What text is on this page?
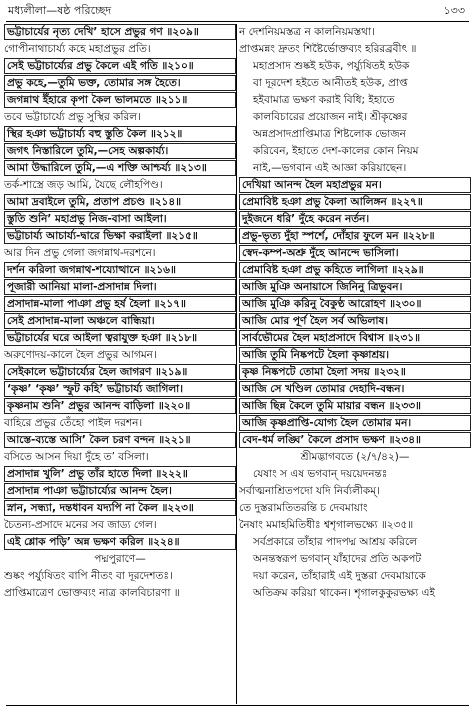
মধ্যলীলা—ষষ্ঠ পরিচ্ছেদ	১৩৩
ভট্টাচার্যের নৃত্য দেখি’ হাসে প্রভুর গণ ॥২০৯॥
গোপীনাথাচার্য্য কহে মহাপ্রভুর প্রতি।
সেই ভট্টাচার্য্যের প্রভু কৈলে এই গতি ॥২১০॥
প্রভু কহে,—তুমি ভক্ত, তোমার সঙ্গ হৈতে।
জগন্নাথ ইঁহারে কৃপা কৈল ভালমতে ॥২১১॥
তবে ভট্টাচার্য্যে প্রভু সুস্থির করিল।
স্থির হঞা ভট্টাচার্য্য বহু স্তুতি কৈল ॥২১২॥
জগৎ নিস্তারিলে তুমি,—সেহ অল্পকার্য্য।
আমা উদ্ধারিলে তুমি,—এ শক্তি আশ্চর্য্য ॥২১৩॥
তর্ক-শাস্ত্রে জড় আমি, যৈছে লৌহপিণ্ড।
আমা দ্রবাইলে তুমি, প্রতাপ প্রচণ্ড ॥২১৪॥
স্তুতি শুনি’ মহাপ্রভু নিজ-বাসা আইলা।
ভট্টাচার্য্য আচার্য্য-দ্বারে ভিক্ষা করাইলা ॥২১৫॥
আর দিন প্রভু গেলা জগন্নাথ-দরশনে।
দর্শন করিলা জগন্নাথ-শয্যোত্থানে ॥২১৬॥
পূজারী আনিয়া মালা-প্রসাদান্ন দিলা।
প্রসাদান্ন-মালা পাঞা প্রভু হর্ষ হৈলা ॥২১৭॥
সেই প্রসাদান্ন-মালা অঞ্চলে বান্ধিয়া।
ভট্টাচার্যের ঘরে আইলা ত্বরাযুক্ত হঞা ॥২১৮॥
অরুণোদয়-কালে হৈল প্রভুর আগমন।
সেইকালে ভট্টাচার্য্যের হৈল জাগরণ ॥২১৯॥
‘কৃষ্ণ’ ‘কৃষ্ণ’ স্ফুট কহি’ ভট্টাচার্য্য জাগিলা।
কৃষ্ণনাম শুনি’ প্রভুর আনন্দ বাড়িলা ॥২২০॥
বাহিরে প্রভুর তেঁহো পাইল দরশন।
আস্তে-ব্যস্তে আসি’ কৈল চরণ বন্দন ॥২২১॥
বসিতে আসন দিয়া দুঁহে ত’ বসিলা।
প্রসাদান্ন খুলি’ প্রভু তাঁর হাতে দিলা ॥২২২॥
প্রসাদান্ন পাঞা ভট্টাচার্য্যের আনন্দ হৈল।
স্নান, সন্ধ্যা, দন্তধাবন যদ্যপি না কৈল ॥২২৩॥
চৈতন্য-প্রসাদে মনের সব জাড্য গেল।
এই শ্লোক পড়ি’ অন্ন ভক্ষণ করিল ॥২২৪॥
পদ্মপুরাণে—
শুষ্কং পর্য্যুষিতং বাপি নীতং বা দূরদেশতঃ।
প্রাপ্তিমাত্রেণ ভোক্তব্যং নাত্র কালবিচারণা ॥
ন দেশনিয়মস্তত্র ন কালনিয়মস্তথা।
প্রাপ্তমন্নং দ্রুতং শিষ্টৈর্ভোক্তব্যং হরিরব্রবীৎ ॥
মহাপ্রসাদ শুষ্কই হউক, পর্য্যুষিতই হউক
বা দূরদেশ হইতে আনীতই হউক, প্রাপ্ত
হইবামাত্র ভক্ষণ করাই বিধি; ইহাতে
কালবিচারের প্রয়োজন নাই। শ্রীকৃষ্ণের
অন্নপ্রসাদপ্রাপ্তিমাত্র শিষ্টলোক ভোজন
করিবেন, ইহাতে দেশ-কালের কোন নিয়ম
নাই,—ভগবান এই আজ্ঞা করিয়াছেন।
দেখিয়া আনন্দ হৈল মহাপ্রভুর মন।
প্রেমাবিষ্ট হঞা প্রভু কৈলা আলিঙ্গন ॥২২৭॥
দুইজনে ধরি’ দুঁহে করেন নর্তন।
প্রভু-ভৃত্য দুঁহা স্পর্শে, দোঁহার ফুলে মন ॥২২৮॥
স্বেদ-কম্প-অশ্রু দুঁহে আনন্দে ভাসিলা।
প্রেমাবিষ্ট হঞা প্রভু কহিতে লাগিলা ॥২২৯॥
আজি মুঞি অনায়াসে জিনিনু ত্রিভুবন।
আজি মুঞি করিনু বৈকুণ্ঠ আরোহণ ॥২৩০॥
আজি মোর পূর্ণ হৈল সর্ব অভিলাষ।
সার্বভৌমের হৈল মহাপ্রসাদে বিশ্বাস ॥২৩১॥
আজি তুমি নিষ্কপটে হৈলা কৃষ্ণাশ্রয়।
কৃষ্ণ নিষ্কপটে তোমা হৈলা সদয় ॥২৩২॥
আজি সে খণ্ডিল তোমার দেহাদি-বন্ধন।
আজি ছিন্ন কৈলে তুমি মায়ার বন্ধন ॥২৩৩॥
আজি কৃষ্ণপ্রাপ্তি-যোগ্য হৈল তোমার মন।
বেদ-ধর্ম লঙ্ঘি’ কৈলে প্রসাদ ভক্ষণ ॥২৩৪॥
শ্রীমদ্ভাগবতে (২/৭/৪২)—
যেষাং স এষ ভগবান্ দয়য়েদনন্তঃ
সর্বাত্মনাশ্রিতপদো যদি নির্ব্যলীকম্।
তে দুস্তরামতিতরন্তি চ দেবমায়াং
নৈষাং মমাহমিতিধীঃ শ্বশৃগালভক্ষ্যে ॥২৩৫॥
সর্বপ্রকারে তাঁহার পাদপদ্ম আশ্রয় করিলে
অনন্তস্বরূপ ভগবান্ যাঁহাদের প্রতি অকপট
দয়া করেন, তাঁহারাই এই দুস্তরা দেবমায়াকে
অতিক্রম করিয়া থাকেন। শৃগালকুকুরভক্ষ্য এই
